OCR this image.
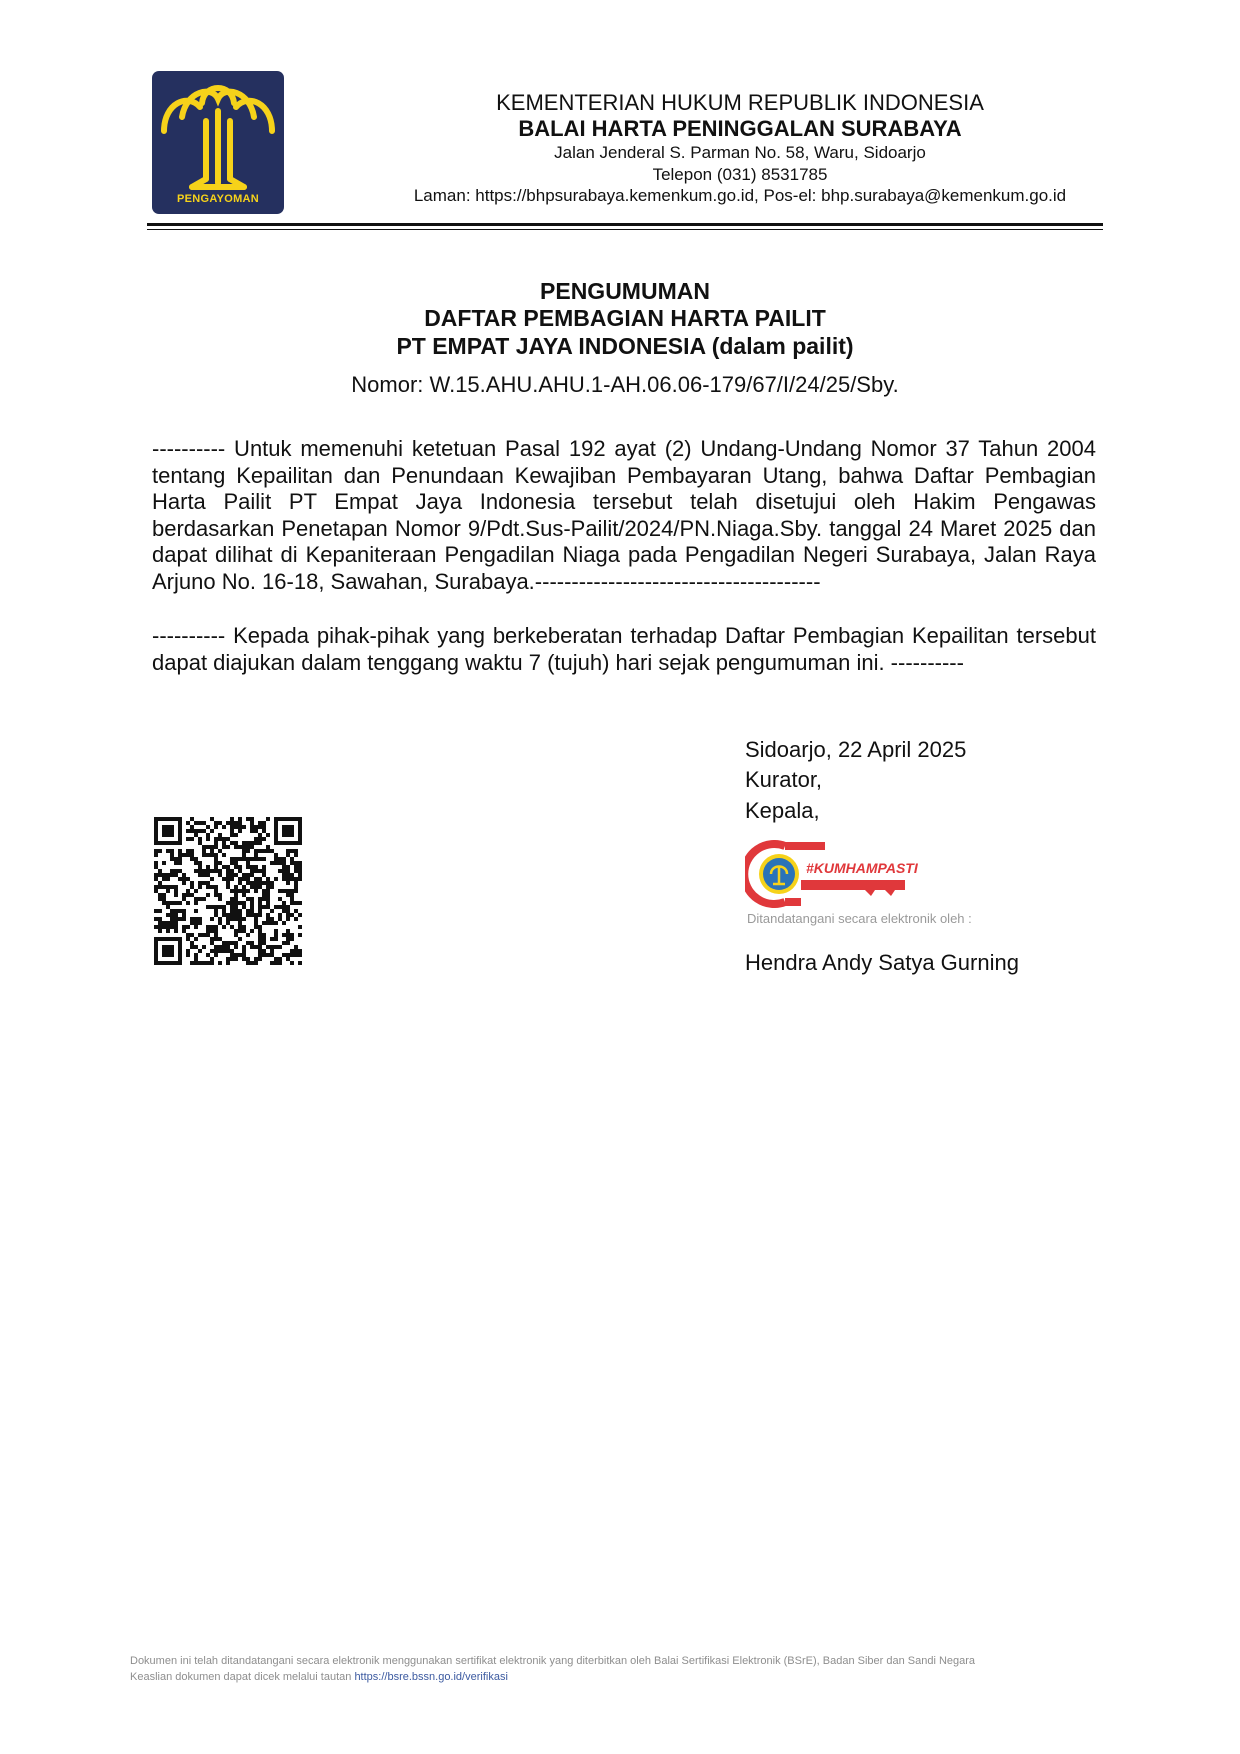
PENGAYOMAN
KEMENTERIAN HUKUM REPUBLIK INDONESIA
BALAI HARTA PENINGGALAN SURABAYA
Jalan Jenderal S. Parman No. 58, Waru, Sidoarjo
Telepon (031) 8531785
Laman: https://bhpsurabaya.kemenkum.go.id, Pos-el: bhp.surabaya@kemenkum.go.id
PENGUMUMAN
DAFTAR PEMBAGIAN HARTA PAILIT
PT EMPAT JAYA INDONESIA (dalam pailit)
Nomor: W.15.AHU.AHU.1-AH.06.06-179/67/I/24/25/Sby.
---------- Untuk memenuhi ketetuan Pasal 192 ayat (2) Undang-Undang Nomor 37 Tahun 2004 tentang Kepailitan dan Penundaan Kewajiban Pembayaran Utang, bahwa Daftar Pembagian Harta Pailit PT Empat Jaya Indonesia tersebut telah disetujui oleh Hakim Pengawas berdasarkan Penetapan Nomor 9/Pdt.Sus-Pailit/2024/PN.Niaga.Sby. tanggal 24 Maret 2025 dan dapat dilihat di Kepaniteraan Pengadilan Niaga pada Pengadilan Negeri Surabaya, Jalan Raya Arjuno No. 16-18, Sawahan, Surabaya.---------------------------------------
---------- Kepada pihak-pihak yang berkeberatan terhadap Daftar Pembagian Kepailitan tersebut dapat diajukan dalam tenggang waktu 7 (tujuh) hari sejak pengumuman ini. ----------
Sidoarjo, 22 April 2025
Kurator,
Kepala,
#KUMHAMPASTI
Ditandatangani secara elektronik oleh :
Hendra Andy Satya Gurning
Dokumen ini telah ditandatangani secara elektronik menggunakan sertifikat elektronik yang diterbitkan oleh Balai Sertifikasi Elektronik (BSrE), Badan Siber dan Sandi Negara
Keaslian dokumen dapat dicek melalui tautan https://bsre.bssn.go.id/verifikasi
